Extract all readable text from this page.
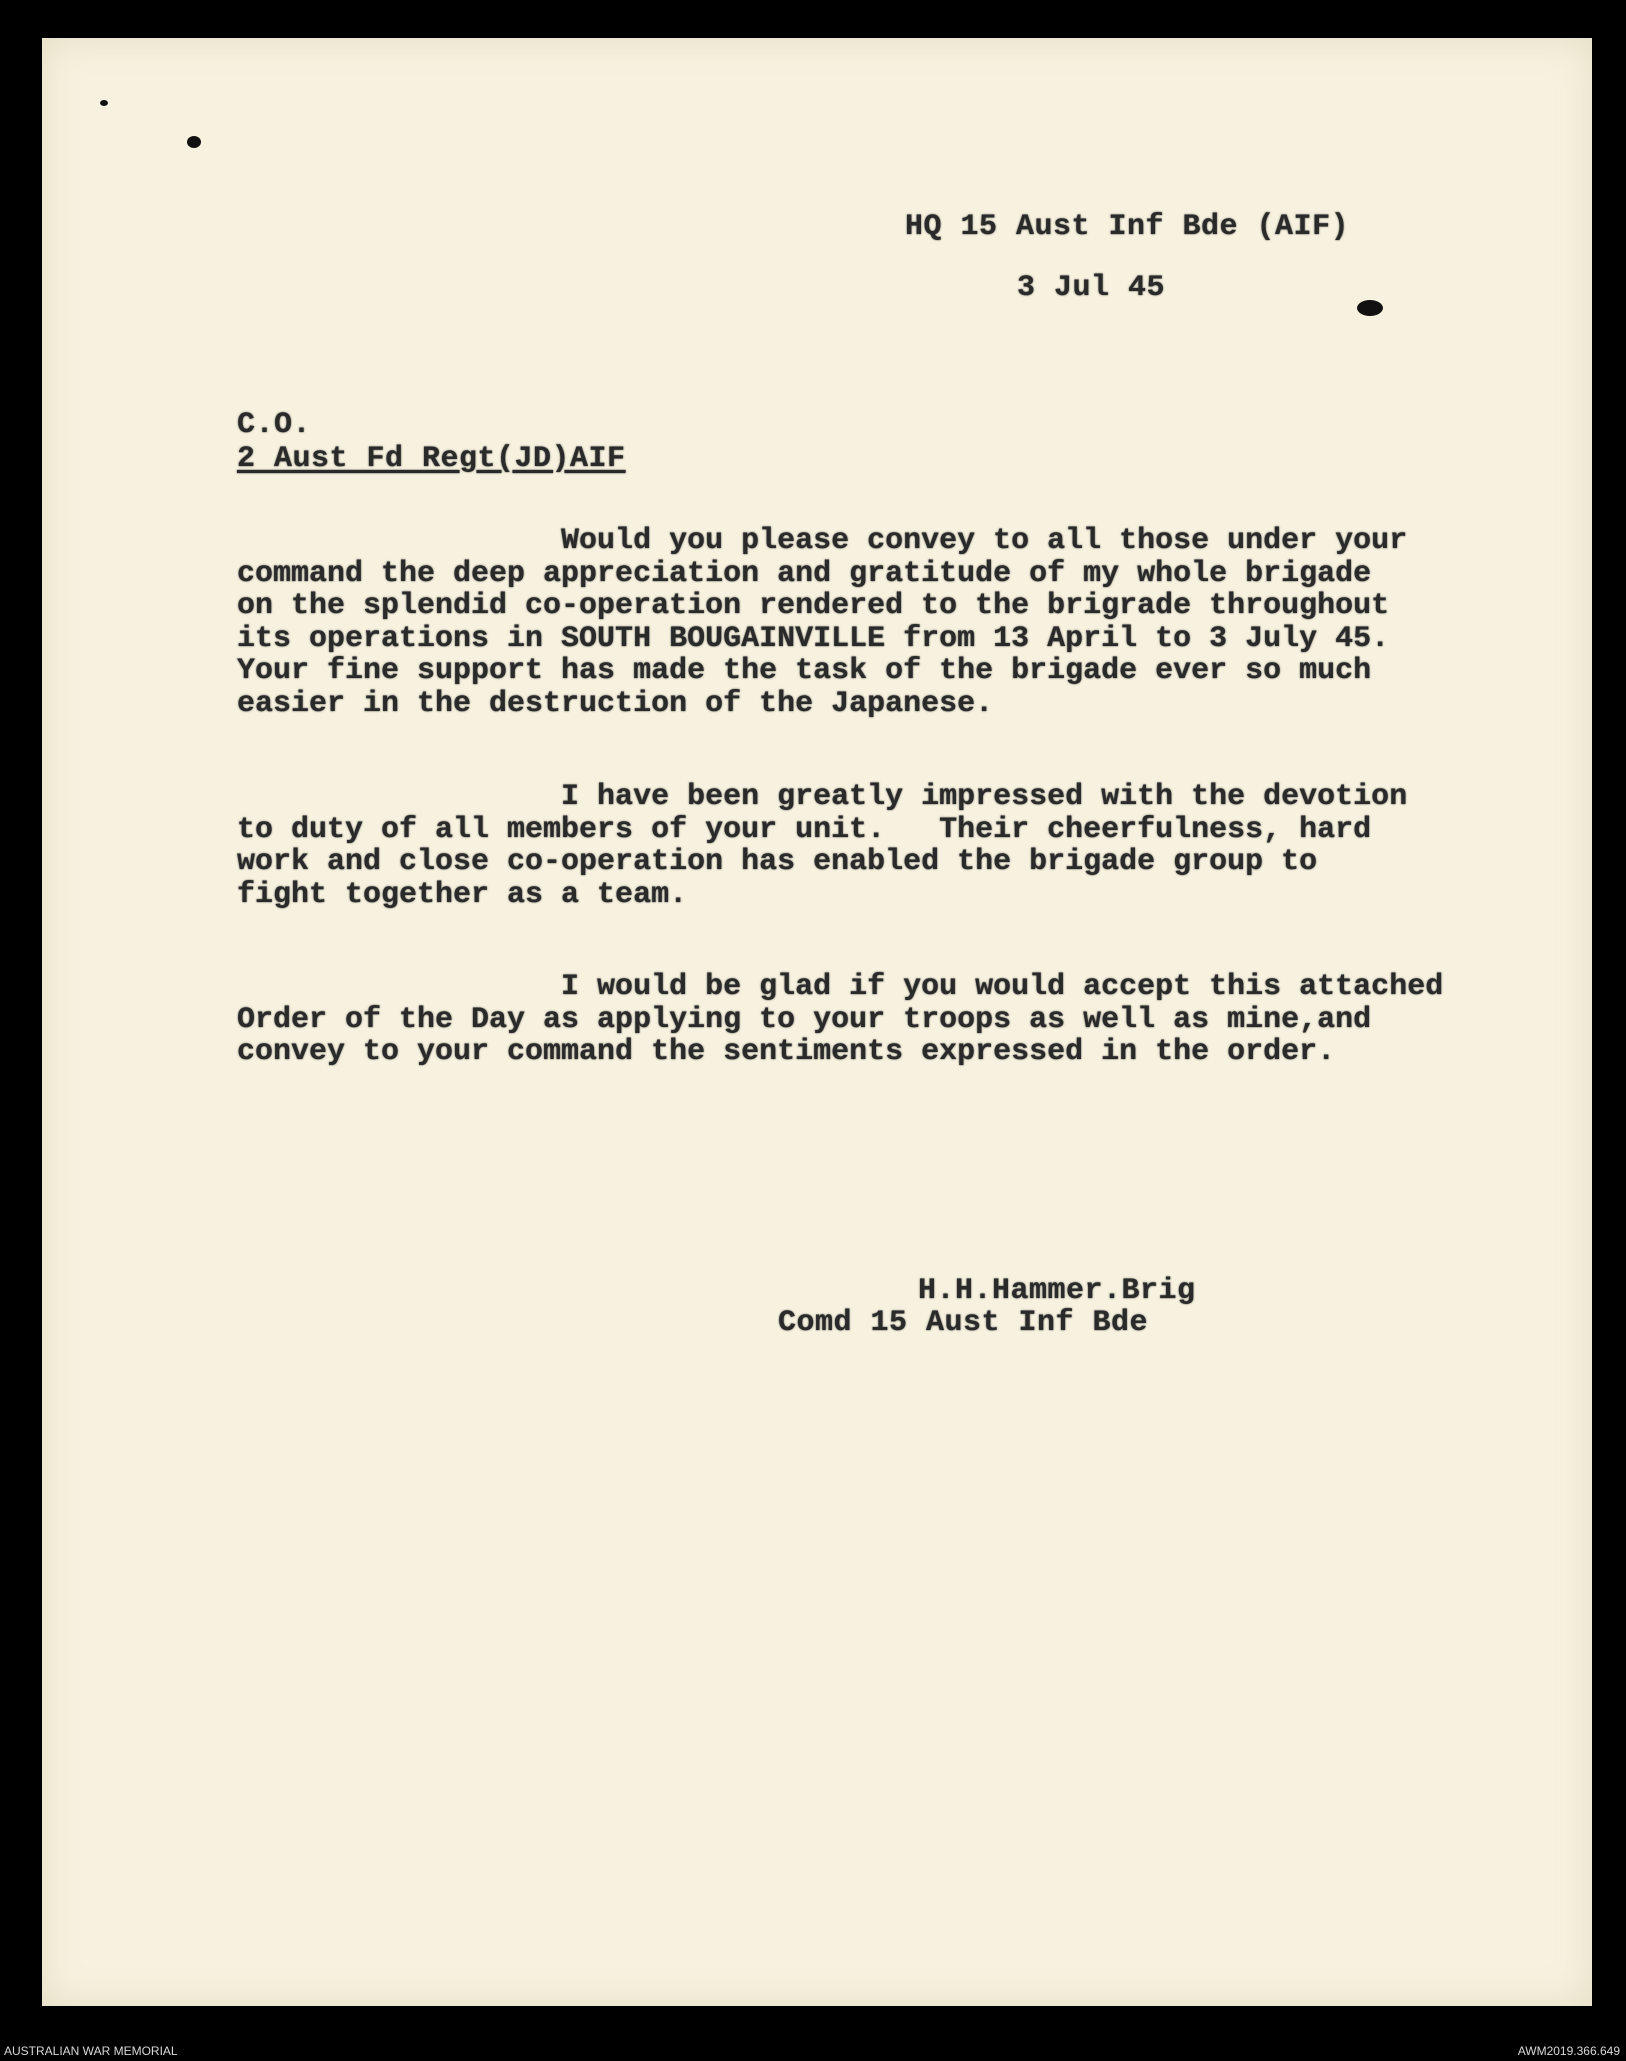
HQ 15 Aust Inf Bde (AIF)
3 Jul 45
C.O.
2 Aust Fd Regt(JD)AIF
Would you please convey to all those under your
command the deep appreciation and gratitude of my whole brigade
on the splendid co-operation rendered to the brigrade throughout
its operations in SOUTH BOUGAINVILLE from 13 April to 3 July 45.
Your fine support has made the task of the brigade ever so much
easier in the destruction of the Japanese.
I have been greatly impressed with the devotion
to duty of all members of your unit.   Their cheerfulness, hard
work and close co-operation has enabled the brigade group to
fight together as a team.
I would be glad if you would accept this attached
Order of the Day as applying to your troops as well as mine,and
convey to your command the sentiments expressed in the order.
H.H.Hammer.Brig
Comd 15 Aust Inf Bde
AUSTRALIAN WAR MEMORIAL	AWM2019.366.649
